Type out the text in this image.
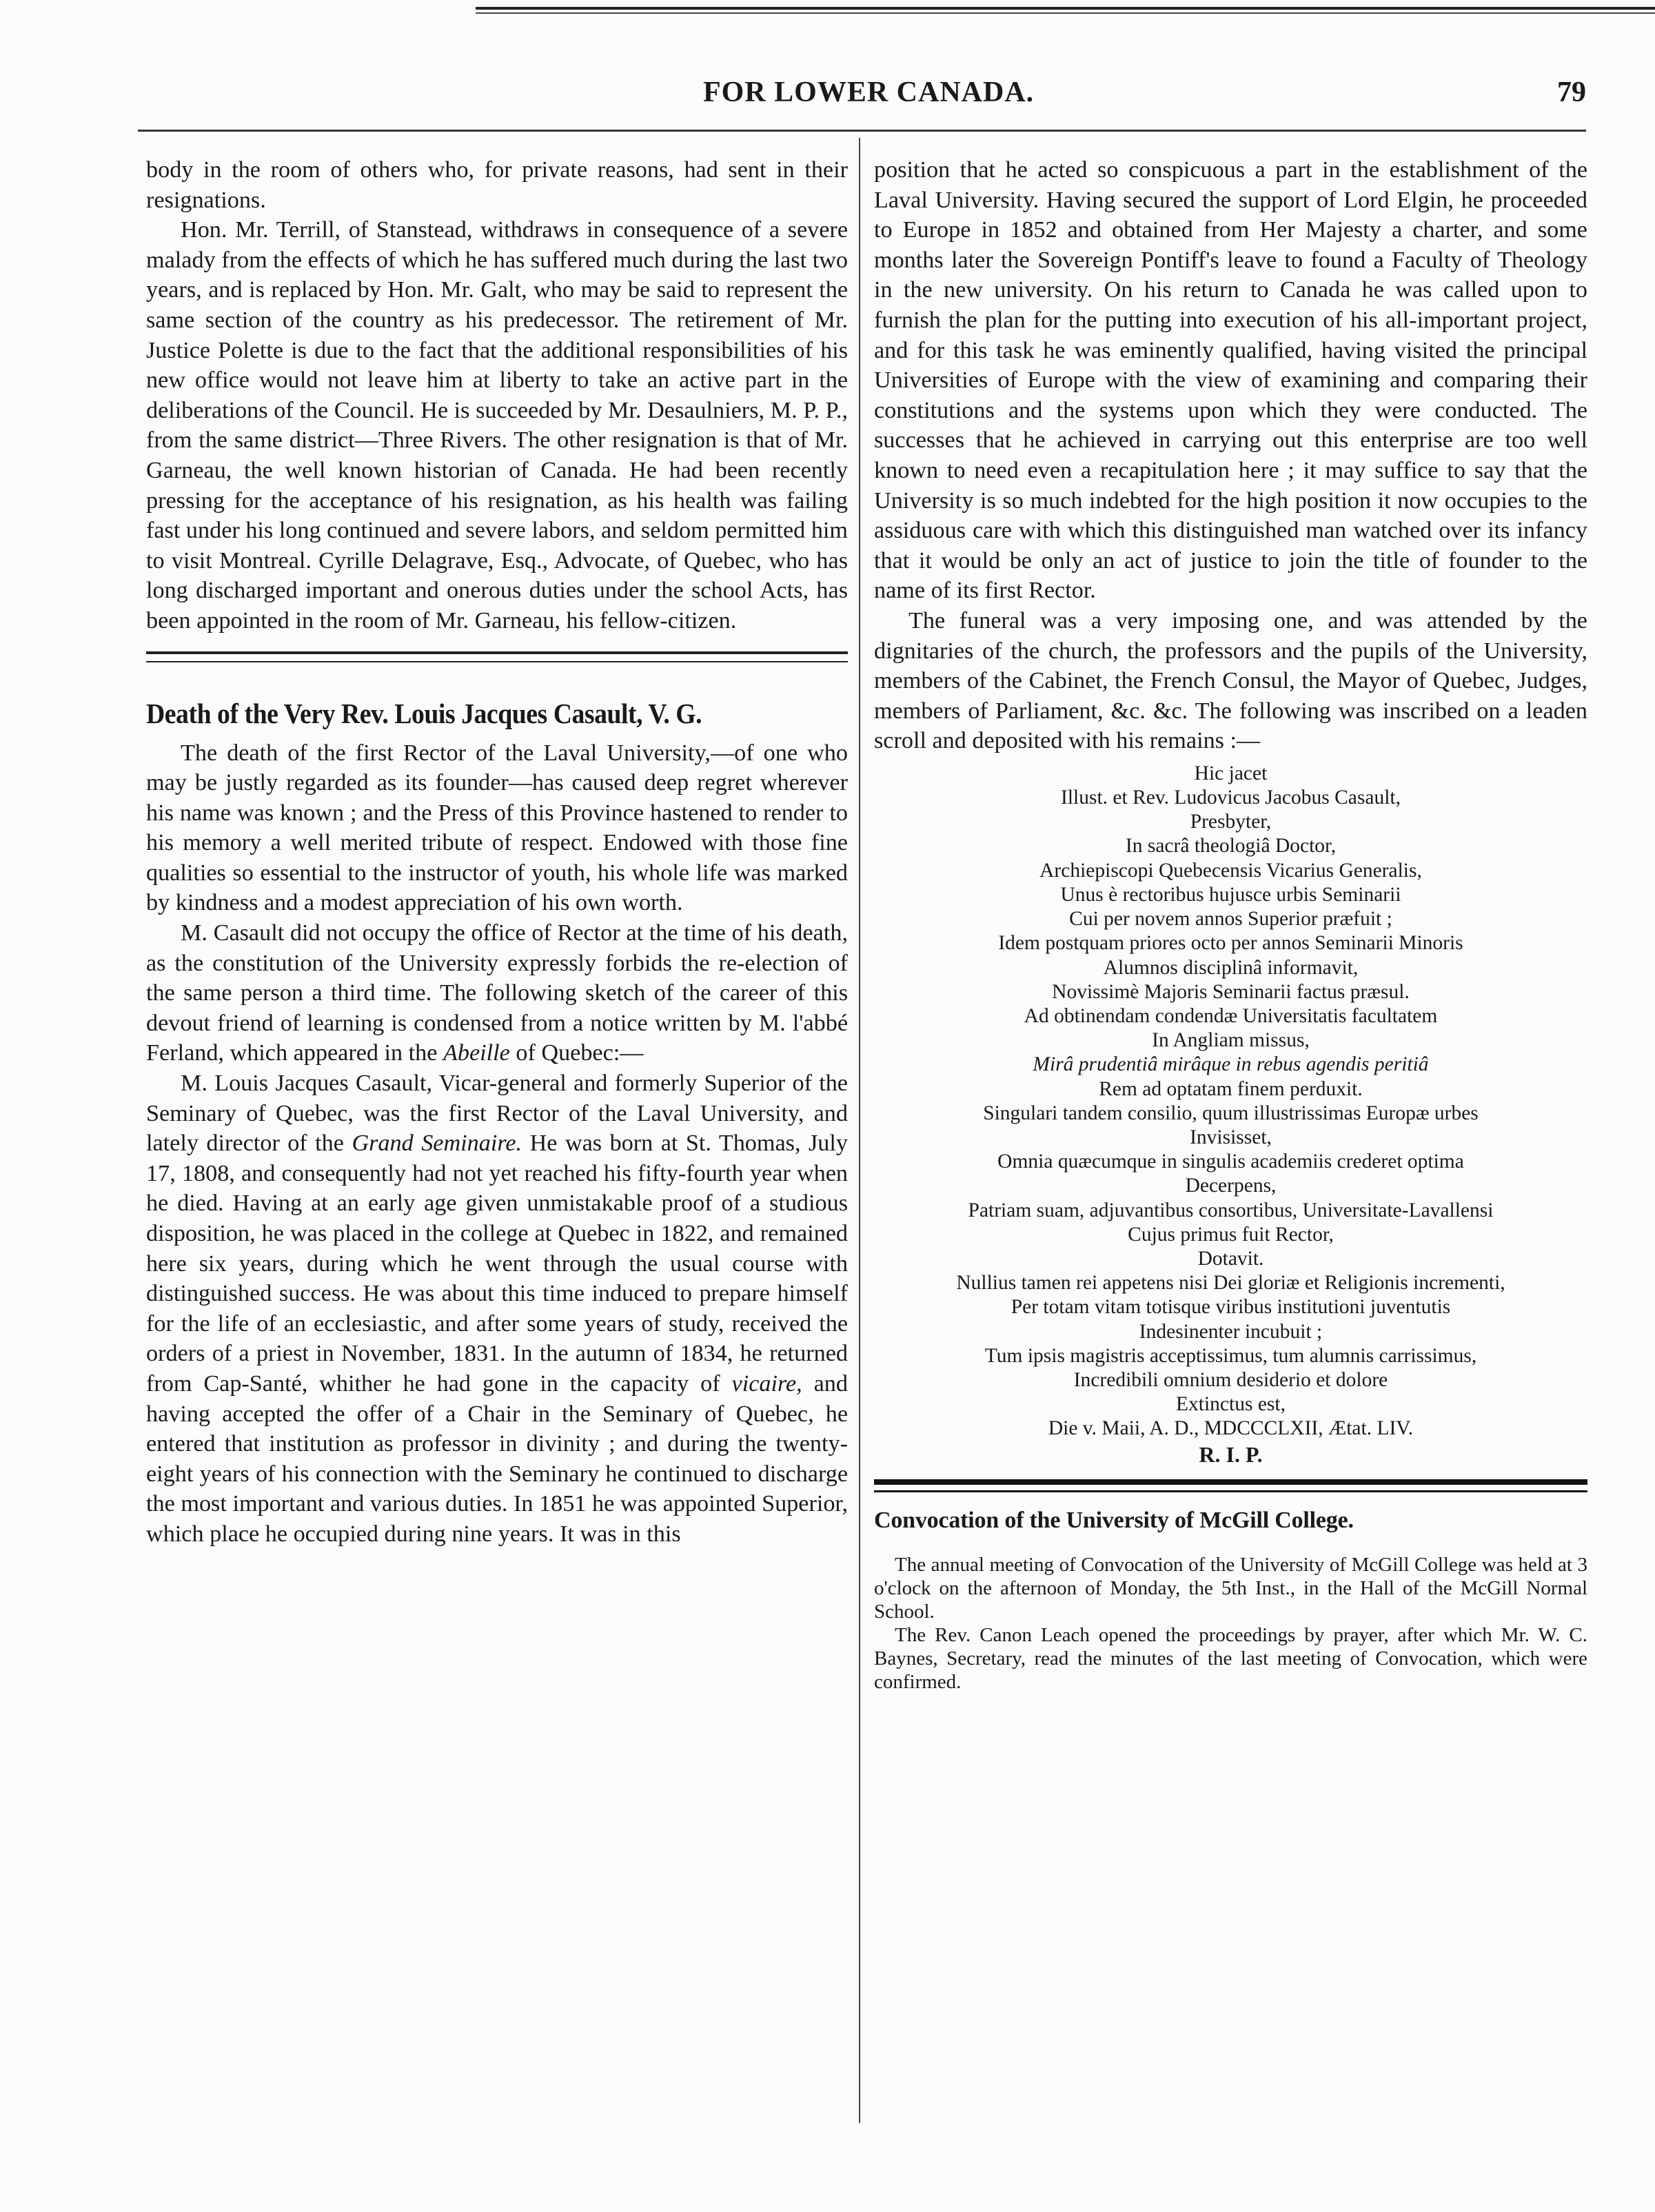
FOR LOWER CANADA.	79

body in the room of others who, for private reasons, had sent in their resignations.

Hon. Mr. Terrill, of Stanstead, withdraws in consequence of a severe malady from the effects of which he has suffered much during the last two years, and is replaced by Hon. Mr. Galt, who may be said to represent the same section of the country as his predecessor. The retirement of Mr. Justice Polette is due to the fact that the additional responsibilities of his new office would not leave him at liberty to take an active part in the deliberations of the Council. He is succeeded by Mr. Desaulniers, M. P. P., from the same district—Three Rivers. The other resignation is that of Mr. Garneau, the well known historian of Canada. He had been recently pressing for the acceptance of his resignation, as his health was failing fast under his long continued and severe labors, and seldom permitted him to visit Montreal. Cyrille Delagrave, Esq., Advocate, of Quebec, who has long discharged important and onerous duties under the school Acts, has been appointed in the room of Mr. Garneau, his fellow-citizen.

Death of the Very Rev. Louis Jacques Casault, V. G.

The death of the first Rector of the Laval University,—of one who may be justly regarded as its founder—has caused deep regret wherever his name was known ; and the Press of this Province hastened to render to his memory a well merited tribute of respect. Endowed with those fine qualities so essential to the instructor of youth, his whole life was marked by kindness and a modest appreciation of his own worth.

M. Casault did not occupy the office of Rector at the time of his death, as the constitution of the University expressly forbids the re-election of the same person a third time. The following sketch of the career of this devout friend of learning is condensed from a notice written by M. l'abbé Ferland, which appeared in the Abeille of Quebec:—

M. Louis Jacques Casault, Vicar-general and formerly Superior of the Seminary of Quebec, was the first Rector of the Laval University, and lately director of the Grand Seminaire. He was born at St. Thomas, July 17, 1808, and consequently had not yet reached his fifty-fourth year when he died. Having at an early age given unmistakable proof of a studious disposition, he was placed in the college at Quebec in 1822, and remained here six years, during which he went through the usual course with distinguished success. He was about this time induced to prepare himself for the life of an ecclesiastic, and after some years of study, received the orders of a priest in November, 1831. In the autumn of 1834, he returned from Cap-Santé, whither he had gone in the capacity of vicaire, and having accepted the offer of a Chair in the Seminary of Quebec, he entered that institution as professor in divinity ; and during the twenty-eight years of his connection with the Seminary he continued to discharge the most important and various duties. In 1851 he was appointed Superior, which place he occupied during nine years. It was in this

position that he acted so conspicuous a part in the establishment of the Laval University. Having secured the support of Lord Elgin, he proceeded to Europe in 1852 and obtained from Her Majesty a charter, and some months later the Sovereign Pontiff's leave to found a Faculty of Theology in the new university. On his return to Canada he was called upon to furnish the plan for the putting into execution of his all-important project, and for this task he was eminently qualified, having visited the principal Universities of Europe with the view of examining and comparing their constitutions and the systems upon which they were conducted. The successes that he achieved in carrying out this enterprise are too well known to need even a recapitulation here ; it may suffice to say that the University is so much indebted for the high position it now occupies to the assiduous care with which this distinguished man watched over its infancy that it would be only an act of justice to join the title of founder to the name of its first Rector.

The funeral was a very imposing one, and was attended by the dignitaries of the church, the professors and the pupils of the University, members of the Cabinet, the French Consul, the Mayor of Quebec, Judges, members of Parliament, &c. &c. The following was inscribed on a leaden scroll and deposited with his remains :—

Hic jacet
Illust. et Rev. Ludovicus Jacobus Casault,
Presbyter,
In sacrâ theologiâ Doctor,
Archiepiscopi Quebecensis Vicarius Generalis,
Unus è rectoribus hujusce urbis Seminarii
Cui per novem annos Superior præfuit ;
Idem postquam priores octo per annos Seminarii Minoris
Alumnos disciplinâ informavit,
Novissimè Majoris Seminarii factus præsul.
Ad obtinendam condendæ Universitatis facultatem
In Angliam missus,
Mirâ prudentiâ mirâque in rebus agendis peritiâ
Rem ad optatam finem perduxit.
Singulari tandem consilio, quum illustrissimas Europæ urbes
Invisisset,
Omnia quæcumque in singulis academiis crederet optima
Decerpens,
Patriam suam, adjuvantibus consortibus, Universitate-Lavallensi
Cujus primus fuit Rector,
Dotavit.
Nullius tamen rei appetens nisi Dei gloriæ et Religionis incrementi,
Per totam vitam totisque viribus institutioni juventutis
Indesinenter incubuit ;
Tum ipsis magistris acceptissimus, tum alumnis carrissimus,
Incredibili omnium desiderio et dolore
Extinctus est,
Die v. Maii, A. D., MDCCCLXII, Ætat. LIV.
R. I. P.
Convocation of the University of McGill College.

The annual meeting of Convocation of the University of McGill College was held at 3 o'clock on the afternoon of Monday, the 5th Inst., in the Hall of the McGill Normal School.

The Rev. Canon Leach opened the proceedings by prayer, after which Mr. W. C. Baynes, Secretary, read the minutes of the last meeting of Convocation, which were confirmed.
